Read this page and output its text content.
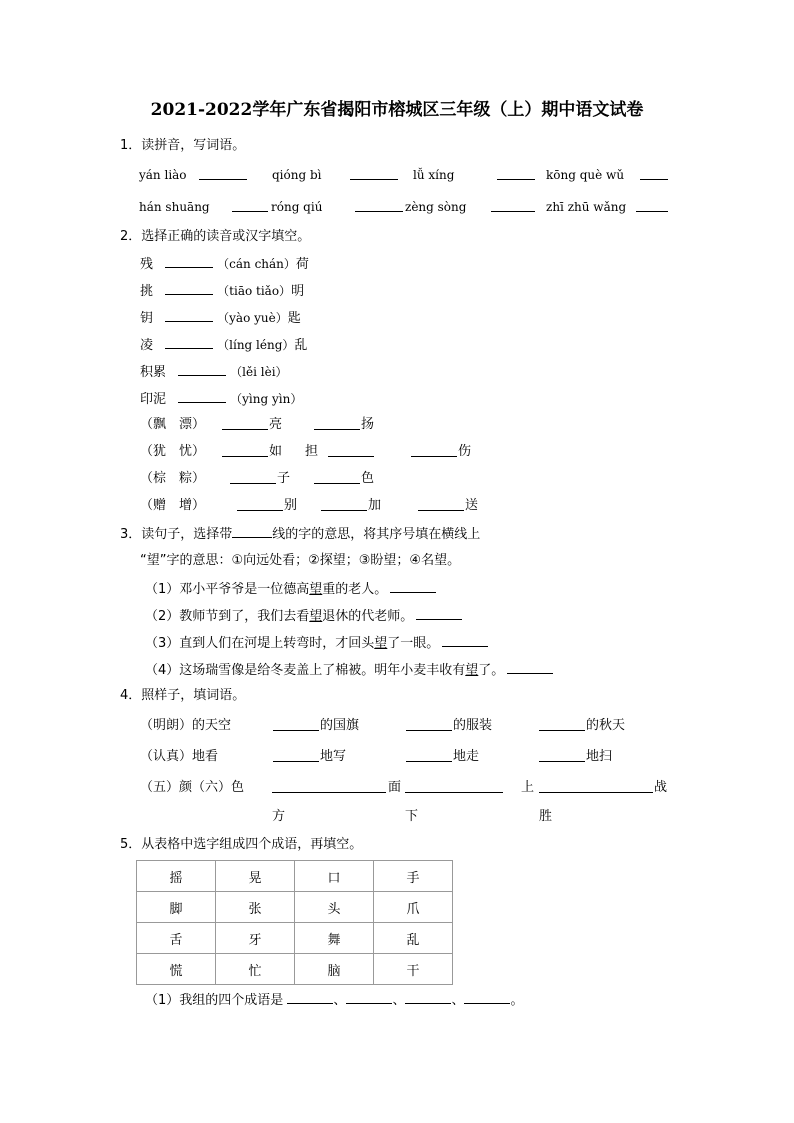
2021-2022学年广东省揭阳市榕城区三年级（上）期中语文试卷
1．读拼音，写词语。
yán liào	qióng bì	lǚ xíng	kōng què wǔ
hán shuāng	róng qiú	zèng sòng	zhī zhū wǎng
2．选择正确的读音或汉字填空。
残	（cán chán）荷
挑	（tiāo tiǎo）明
钥	（yào yuè）匙
凌	（líng léng）乱
积累	（lěi lèi）
印泥	（yìng yìn）
（飘　漂）	亮	扬
（犹　忧）	如 担	伤
（棕　粽）	子	色
（赠　增）	别	加	送
3．读句子，选择带	线的字的意思，将其序号填在横线上
“望”字的意思：①向远处看；②探望；③盼望；④名望。
（1）邓小平爷爷是一位德高望重的老人。
（2）教师节到了，我们去看望退休的代老师。
（3）直到人们在河堤上转弯时，才回头望了一眼。
（4）这场瑞雪像是给冬麦盖上了棉被。明年小麦丰收有望了。
4．照样子，填词语。
（明朗）的天空	的国旗	的服装	的秋天
（认真）地看	地写	地走	地扫
（五）颜（六）色	面	上	战
方	下	胜
5．从表格中选字组成四个成语，再填空。
摇	晃	口	手
脚	张	头	爪
舌	牙	舞	乱
慌	忙	脑	干
（1）我组的四个成语是	、	、	、	。
